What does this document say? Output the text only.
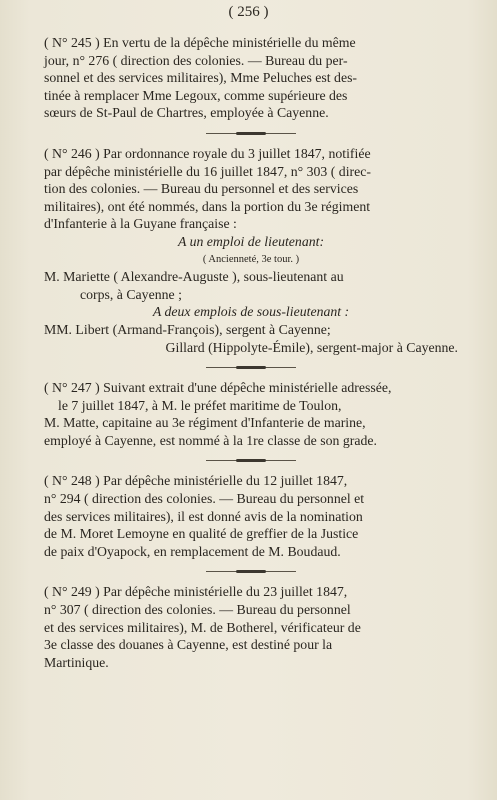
( 256 )

( N° 245 ) En vertu de la dépêche ministérielle du même

jour, n° 276 ( direction des colonies. — Bureau du per-

sonnel et des services militaires), Mme Peluches est des-

tinée à remplacer Mme Legoux, comme supérieure des

sœurs de St-Paul de Chartres, employée à Cayenne.

( N° 246 ) Par ordonnance royale du 3 juillet 1847, notifiée

par dépêche ministérielle du 16 juillet 1847, n° 303 ( direc-

tion des colonies. — Bureau du personnel et des services

militaires), ont été nommés, dans la portion du 3e régiment

d'Infanterie à la Guyane française :

A un emploi de lieutenant:

( Ancienneté, 3e tour. )

M. Mariette ( Alexandre-Auguste ), sous-lieutenant au

corps, à Cayenne ;

A deux emplois de sous-lieutenant :

MM. Libert (Armand-François), sergent à Cayenne;

Gillard (Hippolyte-Émile), sergent-major à Cayenne.

( N° 247 ) Suivant extrait d'une dépêche ministérielle adressée,

le 7 juillet 1847, à M. le préfet maritime de Toulon,

M. Matte, capitaine au 3e régiment d'Infanterie de marine,

employé à Cayenne, est nommé à la 1re classe de son grade.

( N° 248 ) Par dépêche ministérielle du 12 juillet 1847,

n° 294 ( direction des colonies. — Bureau du personnel et

des services militaires), il est donné avis de la nomination

de M. Moret Lemoyne en qualité de greffier de la Justice

de paix d'Oyapock, en remplacement de M. Boudaud.

( N° 249 ) Par dépêche ministérielle du 23 juillet 1847,

n° 307 ( direction des colonies. — Bureau du personnel

et des services militaires), M. de Botherel, vérificateur de

3e classe des douanes à Cayenne, est destiné pour la

Martinique.
